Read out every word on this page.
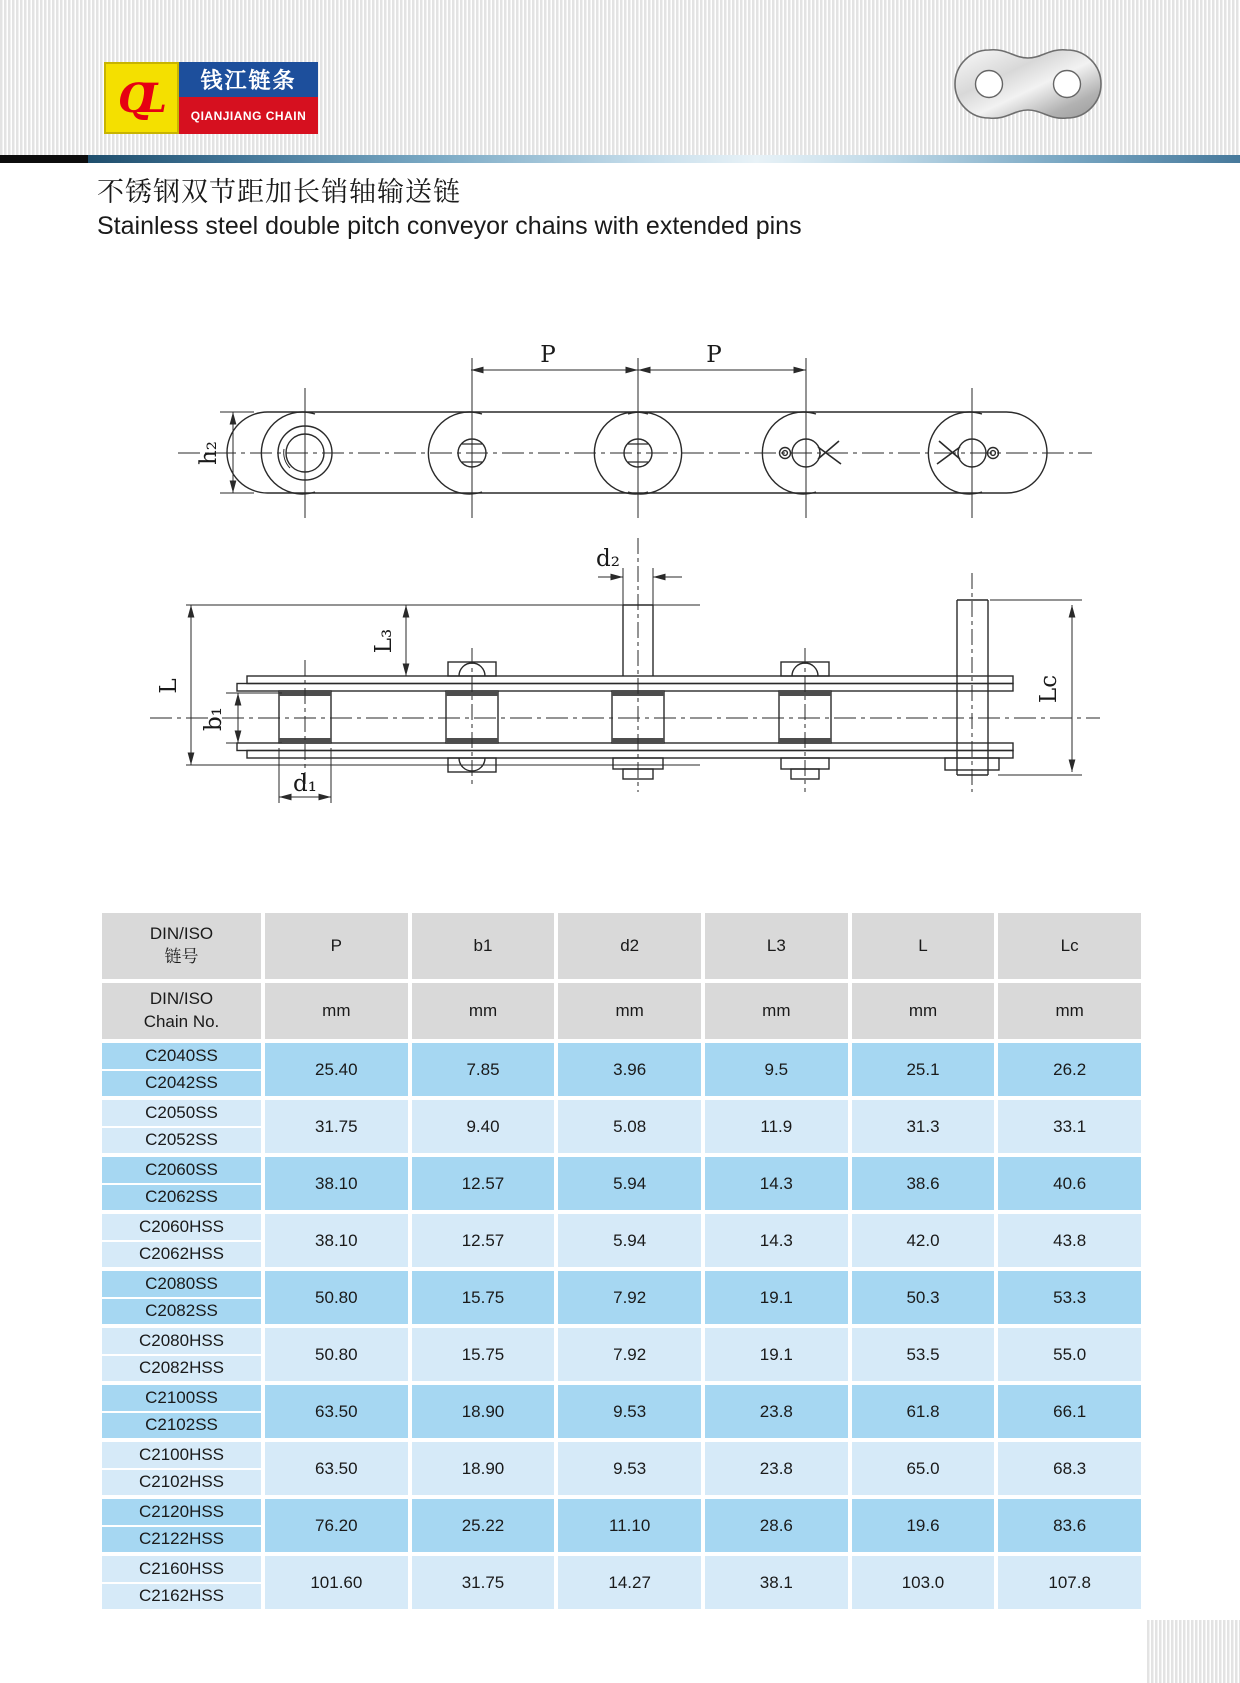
QL	钱江链条
QIANJIANG CHAIN
不锈钢双节距加长销轴输送链
Stainless steel double pitch conveyor chains with extended pins
P	P
h₂
L
L₃
b₁
d₁
d₂
Lc
DIN/ISO
链号
P	b1	d2	L3	L	Lc
DIN/ISO
Chain No.
mm	mm	mm	mm	mm	mm
C2040SS
C2042SS
25.40	7.85	3.96	9.5	25.1	26.2
C2050SS
C2052SS
31.75	9.40	5.08	11.9	31.3	33.1
C2060SS
C2062SS
38.10	12.57	5.94	14.3	38.6	40.6
C2060HSS
C2062HSS
38.10	12.57	5.94	14.3	42.0	43.8
C2080SS
C2082SS
50.80	15.75	7.92	19.1	50.3	53.3
C2080HSS
C2082HSS
50.80	15.75	7.92	19.1	53.5	55.0
C2100SS
C2102SS
63.50	18.90	9.53	23.8	61.8	66.1
C2100HSS
C2102HSS
63.50	18.90	9.53	23.8	65.0	68.3
C2120HSS
C2122HSS
76.20	25.22	11.10	28.6	19.6	83.6
C2160HSS
C2162HSS
101.60	31.75	14.27	38.1	103.0	107.8
